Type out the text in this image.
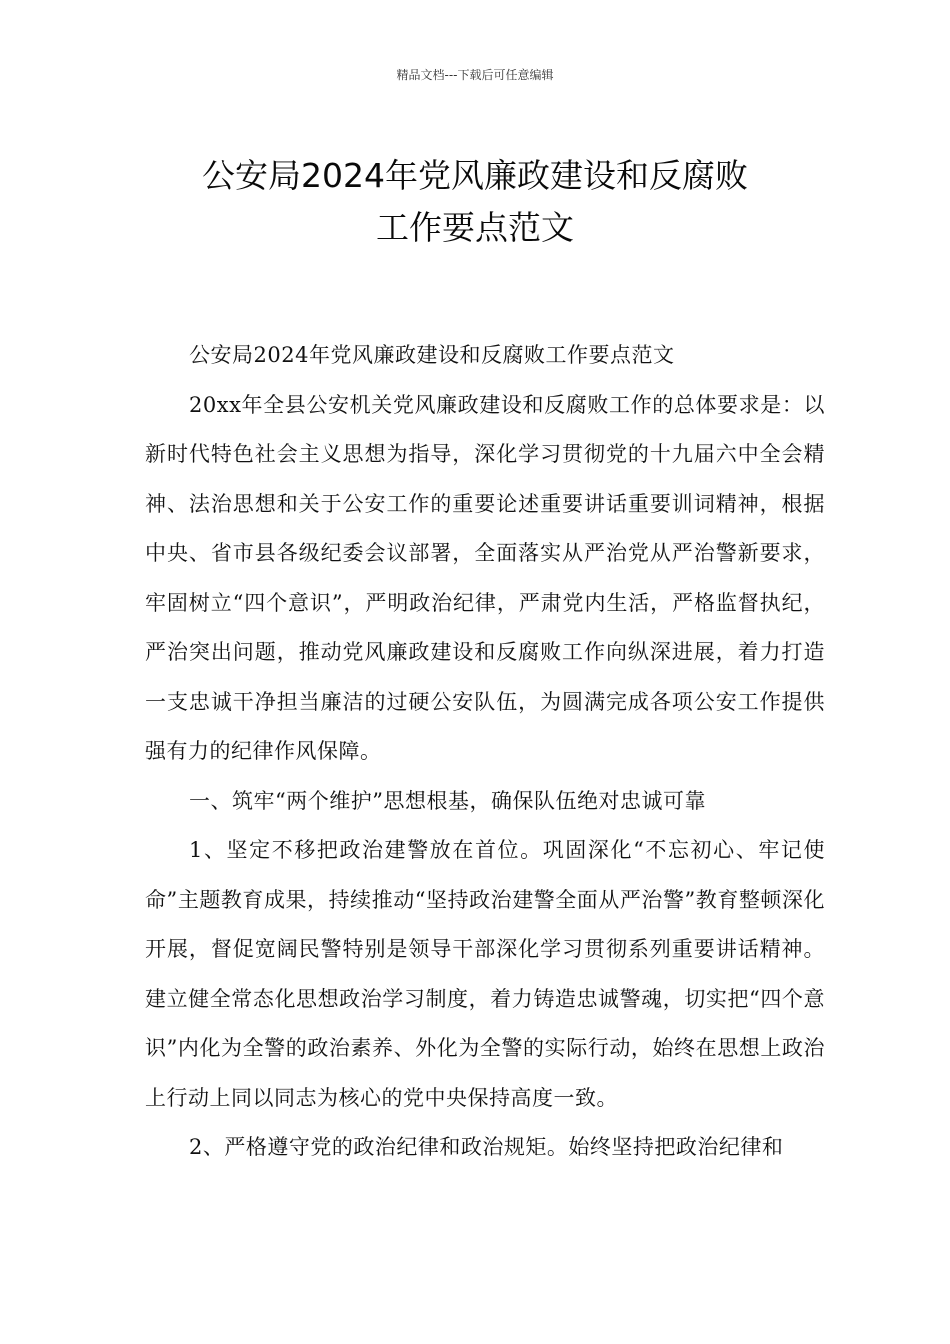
精品文档---下载后可任意编辑
公安局2024年党风廉政建设和反腐败
工作要点范文

公安局2024年党风廉政建设和反腐败工作要点范文

20xx年全县公安机关党风廉政建设和反腐败工作的总体要求是：以新时代特色社会主义思想为指导，深化学习贯彻党的十九届六中全会精神、法治思想和关于公安工作的重要论述重要讲话重要训词精神，根据中央、省市县各级纪委会议部署，全面落实从严治党从严治警新要求，牢固树立“四个意识”，严明政治纪律，严肃党内生活，严格监督执纪，严治突出问题，推动党风廉政建设和反腐败工作向纵深进展，着力打造一支忠诚干净担当廉洁的过硬公安队伍，为圆满完成各项公安工作提供强有力的纪律作风保障。

一、筑牢“两个维护”思想根基，确保队伍绝对忠诚可靠

1、坚定不移把政治建警放在首位。巩固深化“不忘初心、牢记使命”主题教育成果，持续推动“坚持政治建警全面从严治警”教育整顿深化开展，督促宽阔民警特别是领导干部深化学习贯彻系列重要讲话精神。建立健全常态化思想政治学习制度，着力铸造忠诚警魂，切实把“四个意识”内化为全警的政治素养、外化为全警的实际行动，始终在思想上政治上行动上同以同志为核心的党中央保持高度一致。

2、严格遵守党的政治纪律和政治规矩。始终坚持把政治纪律和
